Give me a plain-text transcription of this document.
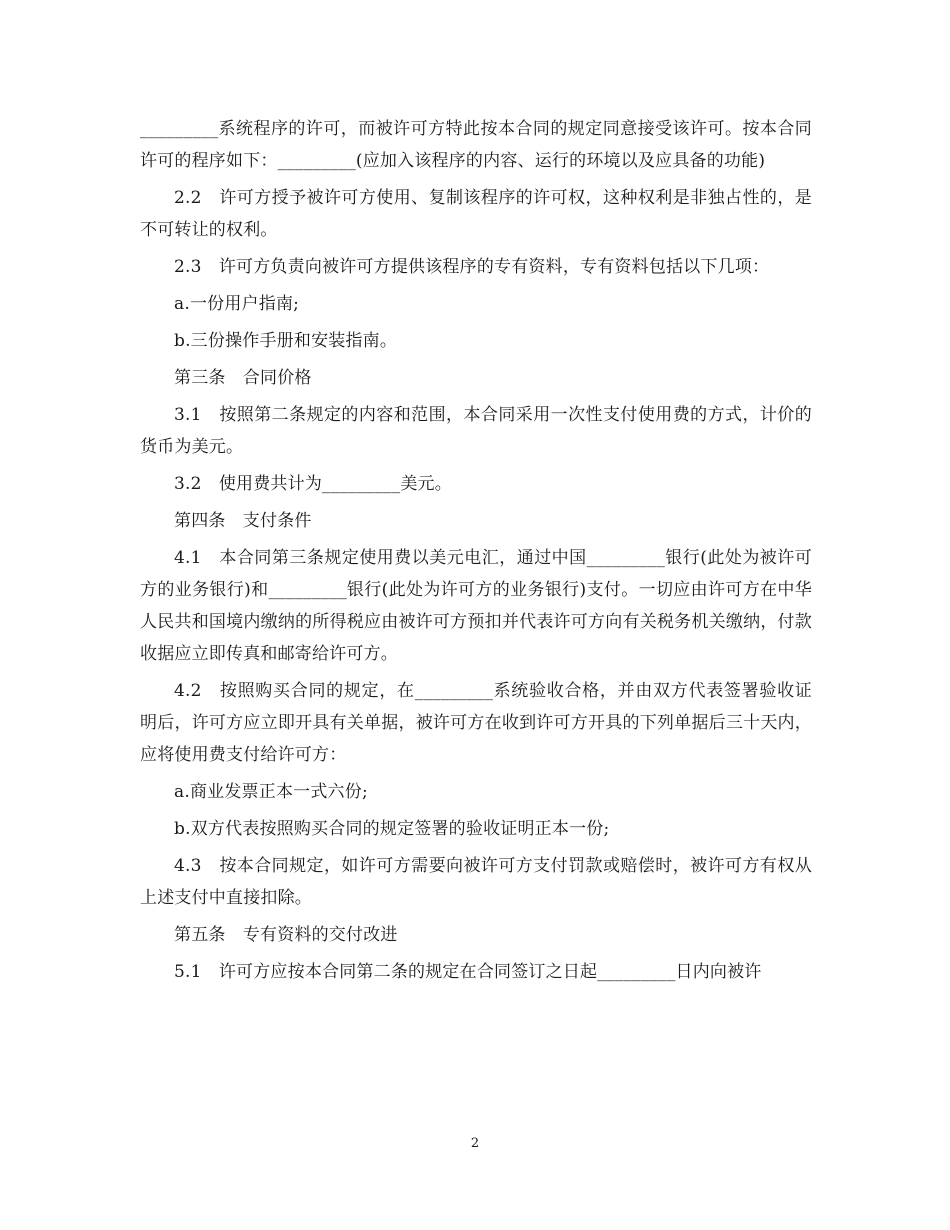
_________系统程序的许可，而被许可方特此按本合同的规定同意接受该许可。按本合同许可的程序如下：_________(应加入该程序的内容、运行的环境以及应具备的功能)

2.2　许可方授予被许可方使用、复制该程序的许可权，这种权利是非独占性的，是不可转让的权利。

2.3　许可方负责向被许可方提供该程序的专有资料，专有资料包括以下几项：

a.一份用户指南;

b.三份操作手册和安装指南。

第三条　合同价格

3.1　按照第二条规定的内容和范围，本合同采用一次性支付使用费的方式，计价的货币为美元。

3.2　使用费共计为_________美元。

第四条　支付条件

4.1　本合同第三条规定使用费以美元电汇，通过中国_________银行(此处为被许可方的业务银行)和_________银行(此处为许可方的业务银行)支付。一切应由许可方在中华人民共和国境内缴纳的所得税应由被许可方预扣并代表许可方向有关税务机关缴纳，付款收据应立即传真和邮寄给许可方。

4.2　按照购买合同的规定，在_________系统验收合格，并由双方代表签署验收证明后，许可方应立即开具有关单据，被许可方在收到许可方开具的下列单据后三十天内，应将使用费支付给许可方：

a.商业发票正本一式六份;

b.双方代表按照购买合同的规定签署的验收证明正本一份;

4.3　按本合同规定，如许可方需要向被许可方支付罚款或赔偿时，被许可方有权从上述支付中直接扣除。

第五条　专有资料的交付改进

5.1　许可方应按本合同第二条的规定在合同签订之日起_________日内向被许

2
